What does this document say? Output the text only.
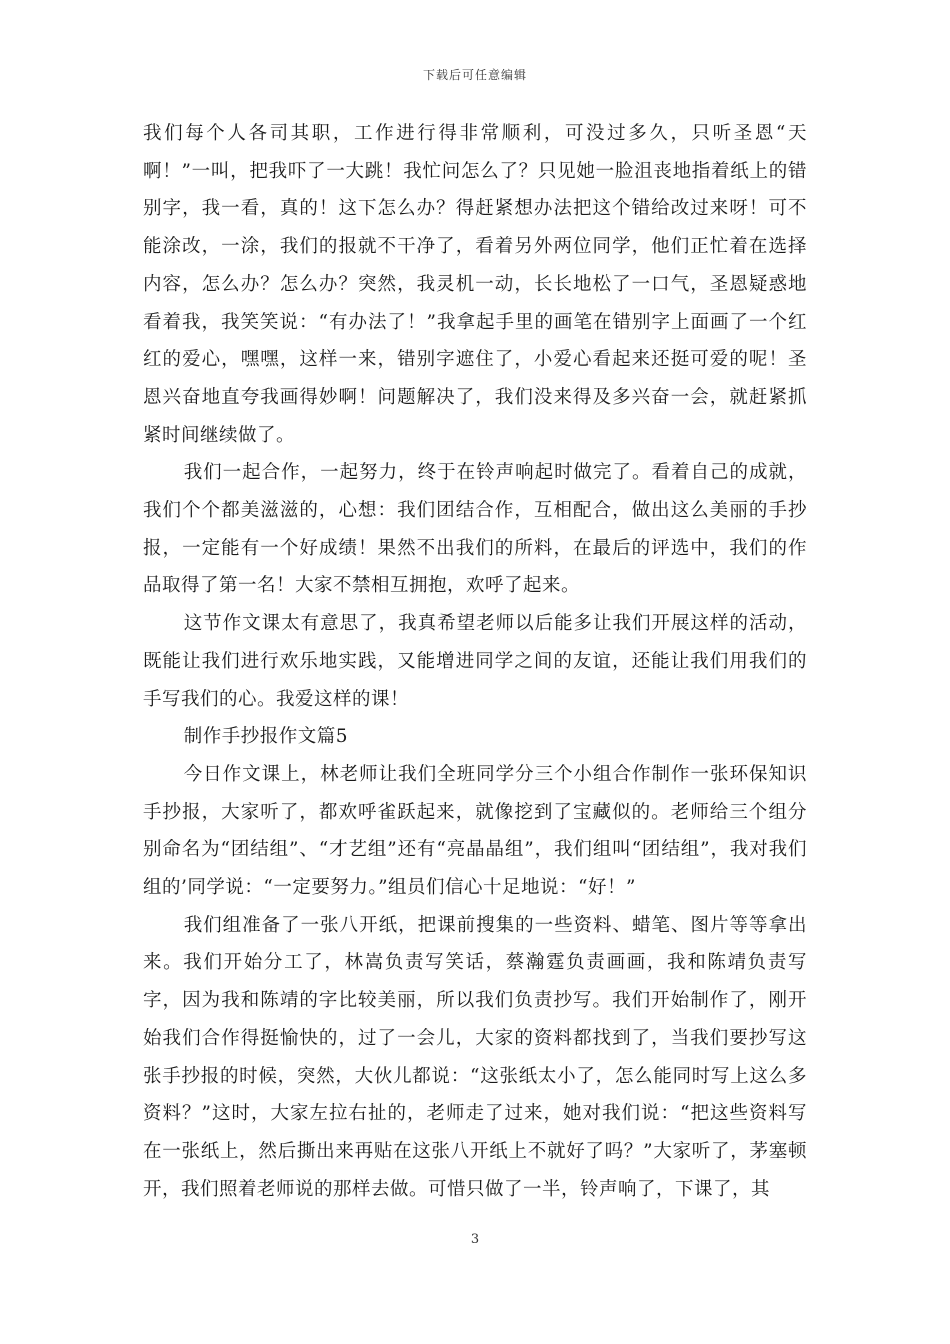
下载后可任意编辑

我们每个人各司其职，工作进行得非常顺利，可没过多久，只听圣恩“天啊！”一叫，把我吓了一大跳！我忙问怎么了？只见她一脸沮丧地指着纸上的错别字，我一看，真的！这下怎么办？得赶紧想办法把这个错给改过来呀！可不能涂改，一涂，我们的报就不干净了，看着另外两位同学，他们正忙着在选择内容，怎么办？怎么办？突然，我灵机一动，长长地松了一口气，圣恩疑惑地看着我，我笑笑说：“有办法了！”我拿起手里的画笔在错别字上面画了一个红红的爱心，嘿嘿，这样一来，错别字遮住了，小爱心看起来还挺可爱的呢！圣恩兴奋地直夸我画得妙啊！问题解决了，我们没来得及多兴奋一会，就赶紧抓紧时间继续做了。

我们一起合作，一起努力，终于在铃声响起时做完了。看着自己的成就，我们个个都美滋滋的，心想：我们团结合作，互相配合，做出这么美丽的手抄报，一定能有一个好成绩！果然不出我们的所料，在最后的评选中，我们的作品取得了第一名！大家不禁相互拥抱，欢呼了起来。

这节作文课太有意思了，我真希望老师以后能多让我们开展这样的活动，既能让我们进行欢乐地实践，又能增进同学之间的友谊，还能让我们用我们的手写我们的心。我爱这样的课！

制作手抄报作文篇5

今日作文课上，林老师让我们全班同学分三个小组合作制作一张环保知识手抄报，大家听了，都欢呼雀跃起来，就像挖到了宝藏似的。老师给三个组分别命名为“团结组”、“才艺组”还有“亮晶晶组”，我们组叫“团结组”，我对我们组的’同学说：“一定要努力。”组员们信心十足地说：“好！”

我们组准备了一张八开纸，把课前搜集的一些资料、蜡笔、图片等等拿出来。我们开始分工了，林嵩负责写笑话，蔡瀚霆负责画画，我和陈靖负责写字，因为我和陈靖的字比较美丽，所以我们负责抄写。我们开始制作了，刚开始我们合作得挺愉快的，过了一会儿，大家的资料都找到了，当我们要抄写这张手抄报的时候，突然，大伙儿都说：“这张纸太小了，怎么能同时写上这么多资料？”这时，大家左拉右扯的，老师走了过来，她对我们说：“把这些资料写在一张纸上，然后撕出来再贴在这张八开纸上不就好了吗？”大家听了，茅塞顿开，我们照着老师说的那样去做。可惜只做了一半，铃声响了，下课了，其

3
